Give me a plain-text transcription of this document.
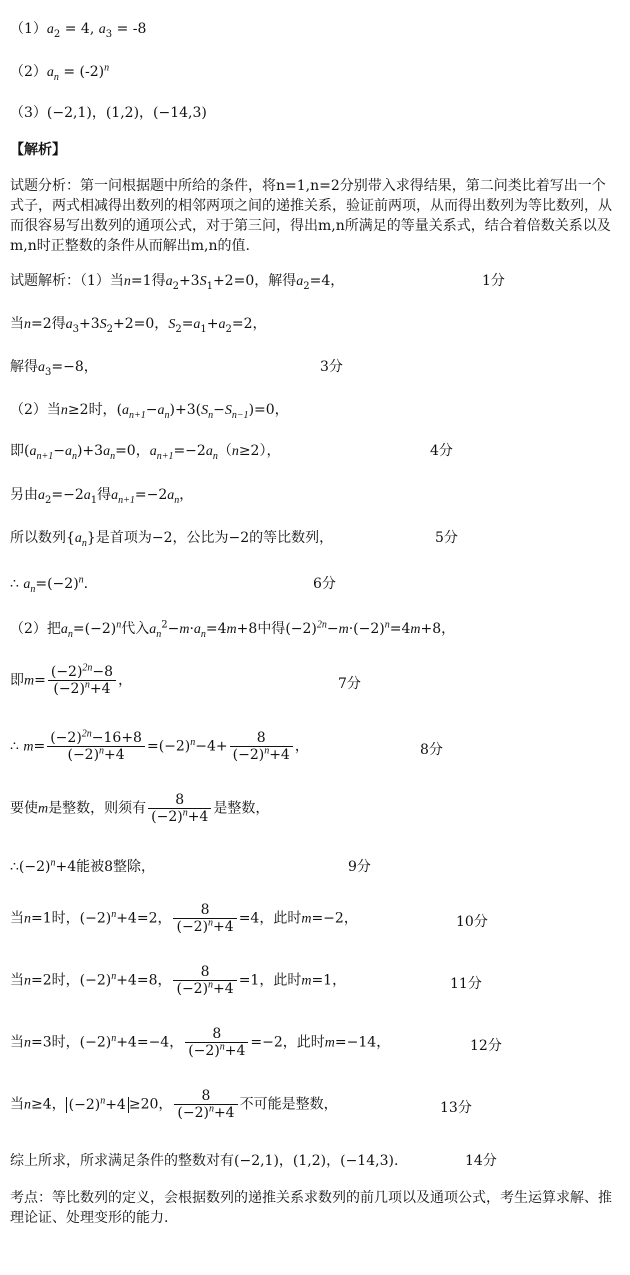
$(1)a_2 = 4$, $a_3 = -8$
$(2)a_n = (-2)^n$
（3）(−2,1)，(1,2)，(−14,3)
【解析】
试题分析：第一问根据题中所给的条件，将n=1,n=2分别带入求得结果，第二问类比着写出一个式子，两式相减得出数列的相邻两项之间的递推关系，验证前两项，从而得出数列为等比数列，从而很容易写出数列的通项公式，对于第三问，得出m,n所满足的等量关系式，结合着倍数关系以及m,n时正整数的条件从而解出m,n的值.
试题解析：（1）当n=1得$a_2+3S_1+2=0$，解得$a_2=4$，	1分
当n=2得$a_3+3S_2+2=0$，$S_2=a_1+a_2=2$，
解得$a_3=-8$，	3分
（2）当n≥2时，$(a_{n+1}-a_n)+3(S_n-S_{n-1})=0$，
即$(a_{n+1}-a_n)+3a_n=0$，$a_{n+1}=-2a_n(n\ge 2)$，	4分
另由$a_2=-2a_1$得$a_{n+1}=-2a_n$，
所以数列$\{a_n\}$是首项为−2，公比为−2的等比数列，	5分
∴ $a_n=(-2)^n$.	6分
（2）把$a_n=(-2)^n$代入$a_n^2-m\cdot a_n=4m+8$中得$(-2)^{2n}-m\cdot(-2)^n=4m+8$，
即$m= \frac{(-2)^{2n}-8}{(-2)^n+4}$ ，	7分
∴ $m= \frac{(-2)^{2n}-16+8}{(-2)^n+4} =(-2)^n-4+ \frac{8}{(-2)^n+4}$ ，	8分
要使m是整数，则须有 $\frac{8}{(-2)^n+4}$ 是整数，
$\therefore(-2)^n+4$能被8整除，	9分
当n=1时，$(-2)^n+4=2$， $\frac{8}{(-2)^n+4} =4$，此时m=−2，	10分
当n=2时，$(-2)^n+4=8$， $\frac{8}{(-2)^n+4} =1$，此时m=1，	11分
当n=3时，$(-2)^n+4=-4$， $\frac{8}{(-2)^n+4} =-2$，此时m=−14，	12分
当n≥4， $(-2)^n+4 \ge 20$， $\frac{8}{(-2)^n+4}$ 不可能是整数，	13分
综上所求，所求满足条件的整数对有(−2,1)，(1,2)，(−14,3).	14分
考点：等比数列的定义，会根据数列的递推关系求数列的前几项以及通项公式，考生运算求解、推理论证、处理变形的能力.
